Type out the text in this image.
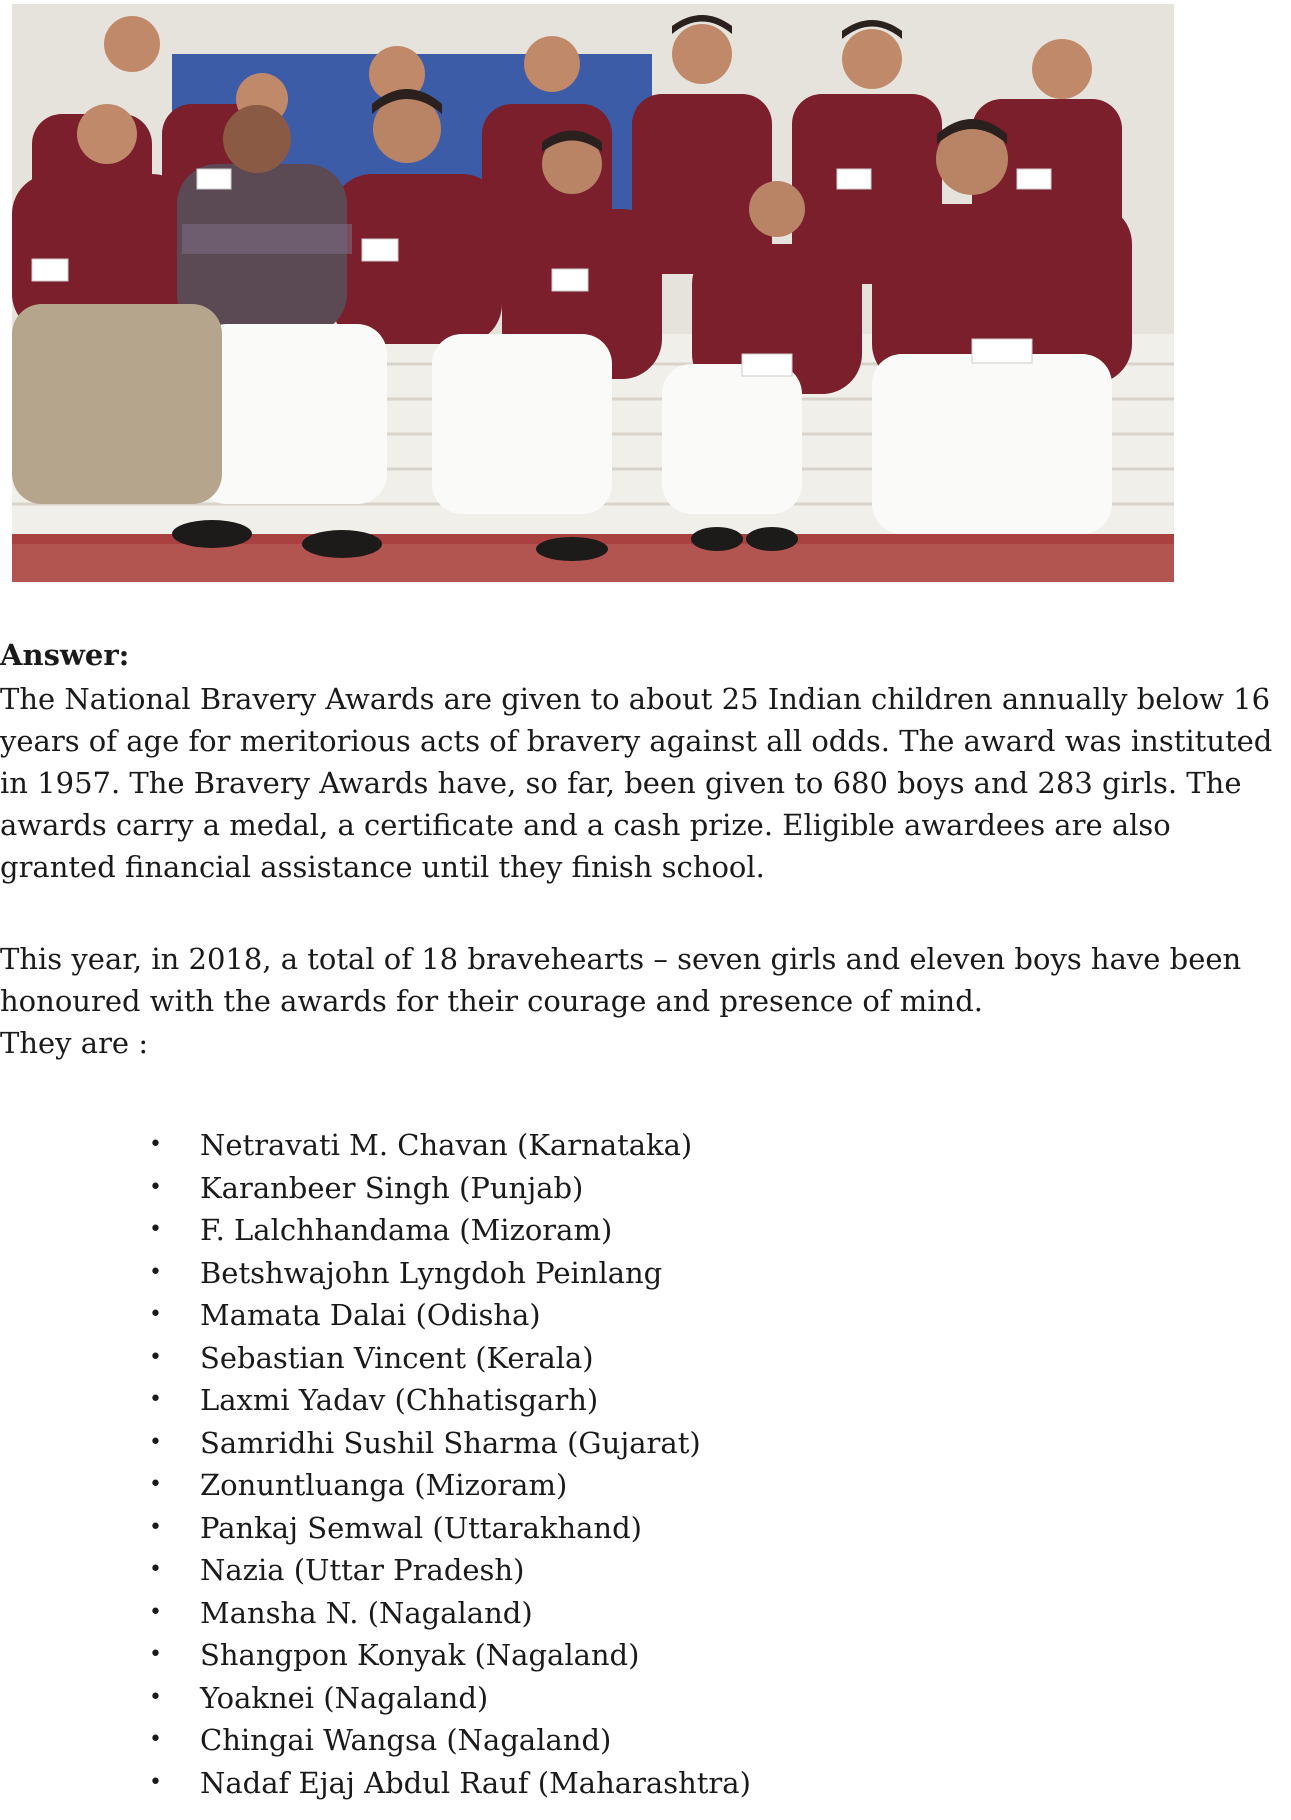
Answer:

The National Bravery Awards are given to about 25 Indian children annually below 16 years of age for meritorious acts of bravery against all odds. The award was instituted in 1957. The Bravery Awards have, so far, been given to 680 boys and 283 girls. The awards carry a medal, a certificate and a cash prize. Eligible awardees are also granted financial assistance until they finish school.

This year, in 2018, a total of 18 bravehearts – seven girls and eleven boys have been honoured with the awards for their courage and presence of mind.

They are :

• Netravati M. Chavan (Karnataka)
• Karanbeer Singh (Punjab)
• F. Lalchhandama (Mizoram)
• Betshwajohn Lyngdoh Peinlang
• Mamata Dalai (Odisha)
• Sebastian Vincent (Kerala)
• Laxmi Yadav (Chhatisgarh)
• Samridhi Sushil Sharma (Gujarat)
• Zonuntluanga (Mizoram)
• Pankaj Semwal (Uttarakhand)
• Nazia (Uttar Pradesh)
• Mansha N. (Nagaland)
• Shangpon Konyak (Nagaland)
• Yoaknei (Nagaland)
• Chingai Wangsa (Nagaland)
• Nadaf Ejaj Abdul Rauf (Maharashtra)
